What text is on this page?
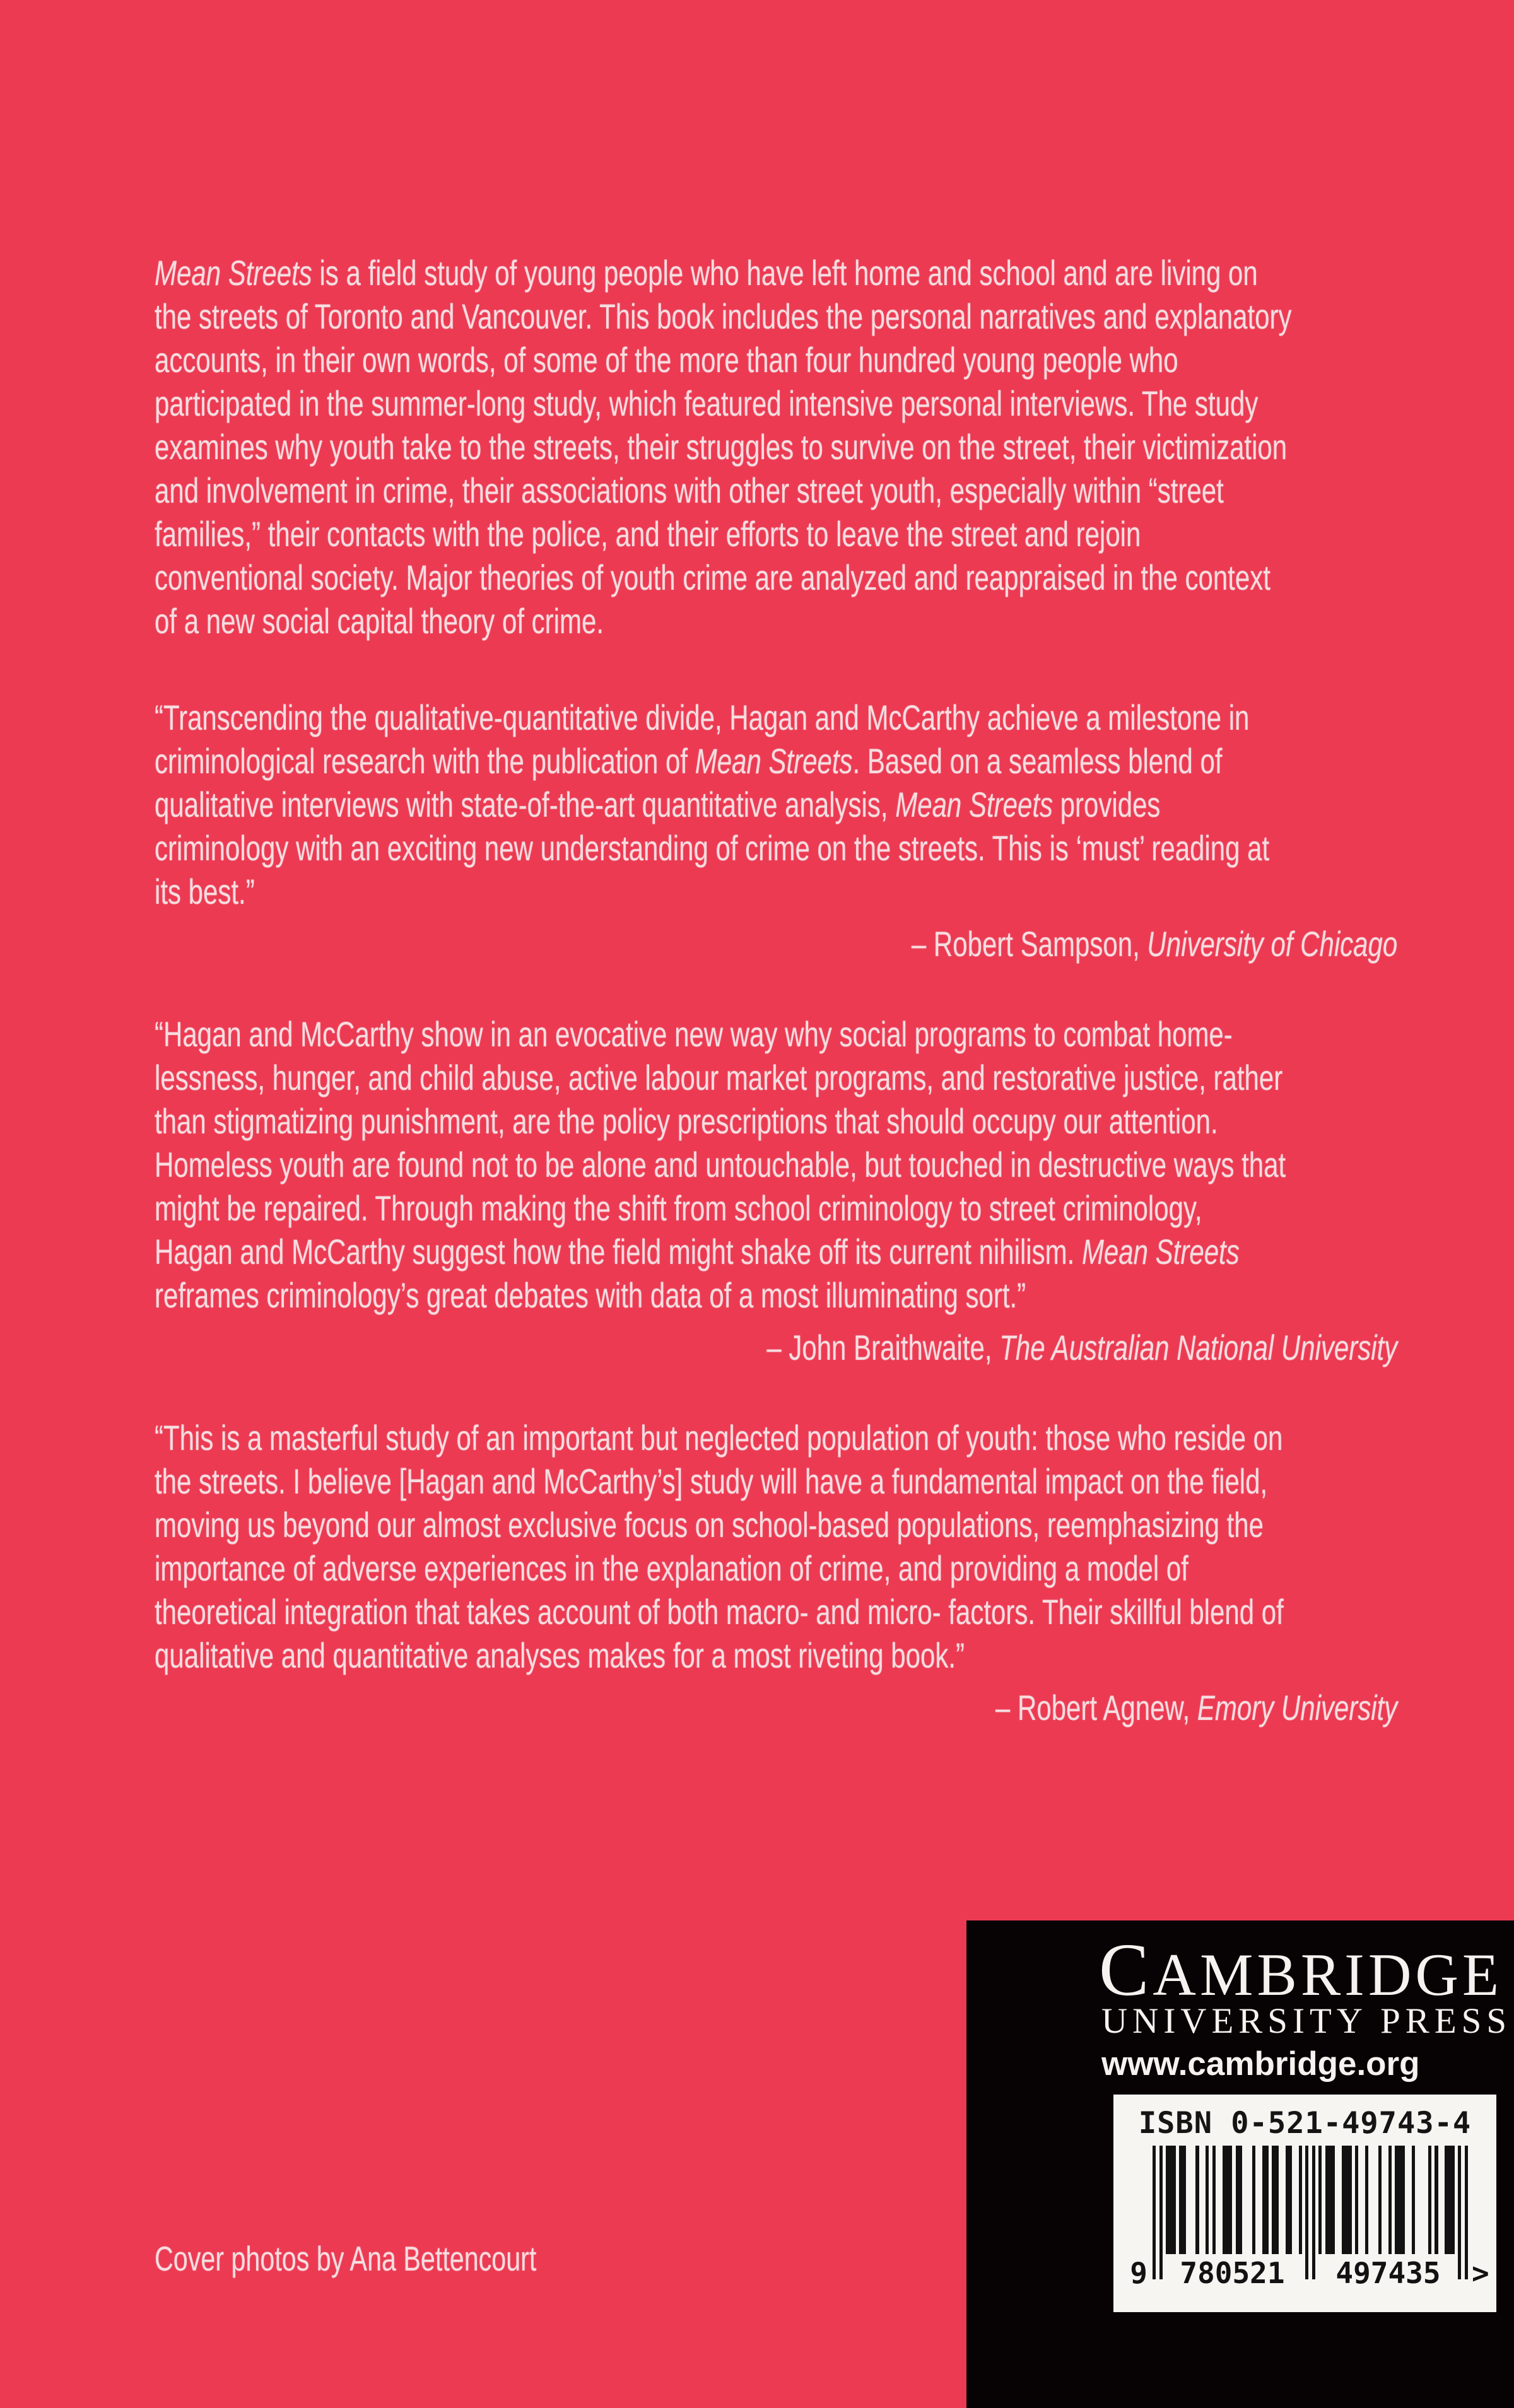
Mean Streets is a field study of young people who have left home and school and are living on
the streets of Toronto and Vancouver. This book includes the personal narratives and explanatory
accounts, in their own words, of some of the more than four hundred young people who
participated in the summer-long study, which featured intensive personal interviews. The study
examines why youth take to the streets, their struggles to survive on the street, their victimization
and involvement in crime, their associations with other street youth, especially within “street
families,” their contacts with the police, and their efforts to leave the street and rejoin
conventional society. Major theories of youth crime are analyzed and reappraised in the context
of a new social capital theory of crime.
“Transcending the qualitative-quantitative divide, Hagan and McCarthy achieve a milestone in
criminological research with the publication of Mean Streets. Based on a seamless blend of
qualitative interviews with state-of-the-art quantitative analysis, Mean Streets provides
criminology with an exciting new understanding of crime on the streets. This is ‘must’ reading at
its best.”
– Robert Sampson, University of Chicago
“Hagan and McCarthy show in an evocative new way why social programs to combat home-
lessness, hunger, and child abuse, active labour market programs, and restorative justice, rather
than stigmatizing punishment, are the policy prescriptions that should occupy our attention.
Homeless youth are found not to be alone and untouchable, but touched in destructive ways that
might be repaired. Through making the shift from school criminology to street criminology,
Hagan and McCarthy suggest how the field might shake off its current nihilism. Mean Streets
reframes criminology’s great debates with data of a most illuminating sort.”
– John Braithwaite, The Australian National University
“This is a masterful study of an important but neglected population of youth: those who reside on
the streets. I believe [Hagan and McCarthy’s] study will have a fundamental impact on the field,
moving us beyond our almost exclusive focus on school-based populations, reemphasizing the
importance of adverse experiences in the explanation of crime, and providing a model of
theoretical integration that takes account of both macro- and micro- factors. Their skillful blend of
qualitative and quantitative analyses makes for a most riveting book.”
– Robert Agnew, Emory University
Cover photos by Ana Bettencourt
CAMBRIDGE
UNIVERSITY PRESS
www.cambridge.org
ISBN 0-521-49743-4
9	780521	497435	>
